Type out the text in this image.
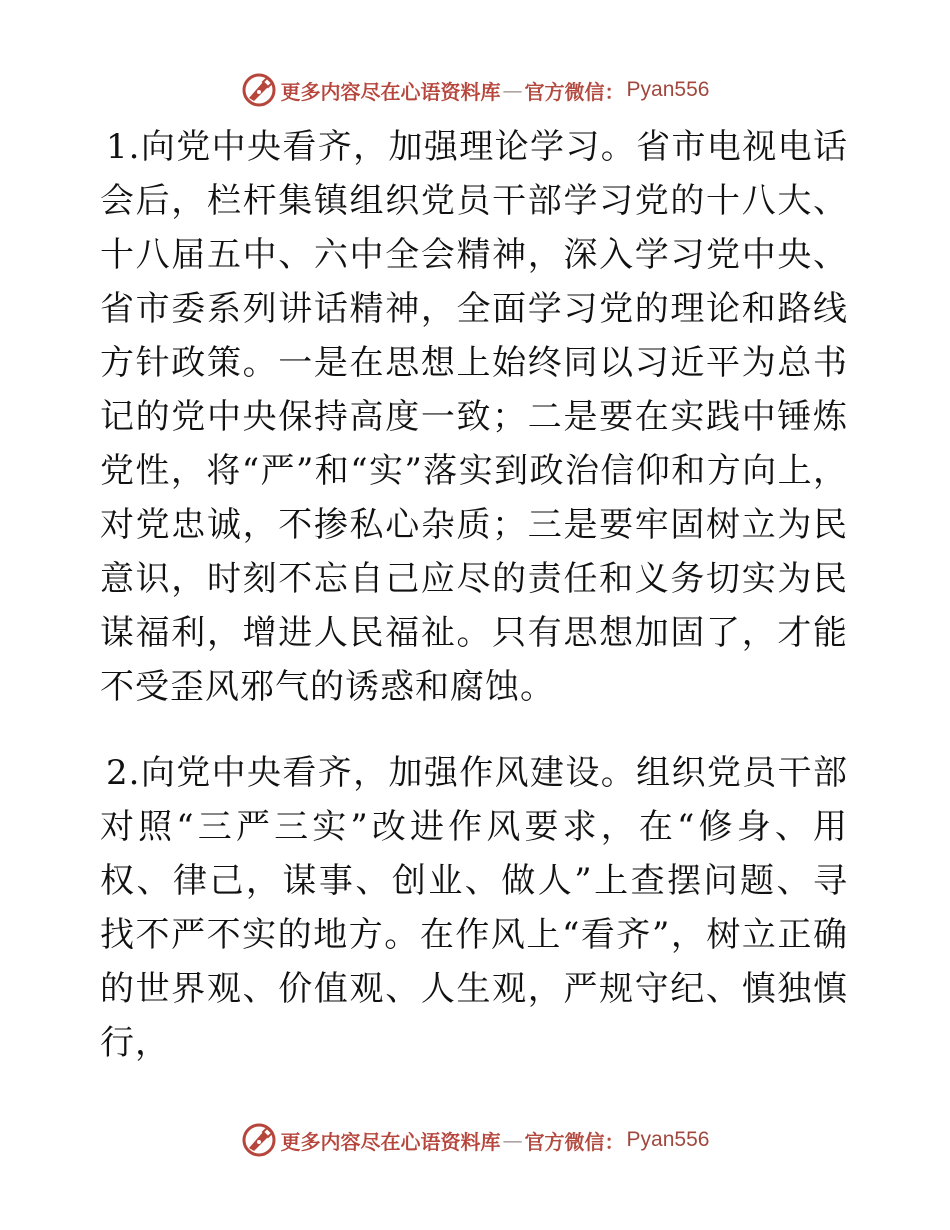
更多内容尽在心语资料库 — 官方微信： Pyan556

1.向党中央看齐，加强理论学习。省市电视电话会后，栏杆集镇组织党员干部学习党的十八大、十八届五中、六中全会精神，深入学习党中央、省市委系列讲话精神，全面学习党的理论和路线方针政策。一是在思想上始终同以习近平为总书记的党中央保持高度一致；二是要在实践中锤炼党性，将“严”和“实”落实到政治信仰和方向上，对党忠诚，不掺私心杂质；三是要牢固树立为民意识，时刻不忘自己应尽的责任和义务切实为民谋福利，增进人民福祉。只有思想加固了，才能不受歪风邪气的诱惑和腐蚀。

2.向党中央看齐，加强作风建设。组织党员干部对照“三严三实”改进作风要求，在“修身、用权、律己，谋事、创业、做人”上查摆问题、寻找不严不实的地方。在作风上“看齐”，树立正确的世界观、价值观、人生观，严规守纪、慎独慎行，

更多内容尽在心语资料库 — 官方微信： Pyan556
